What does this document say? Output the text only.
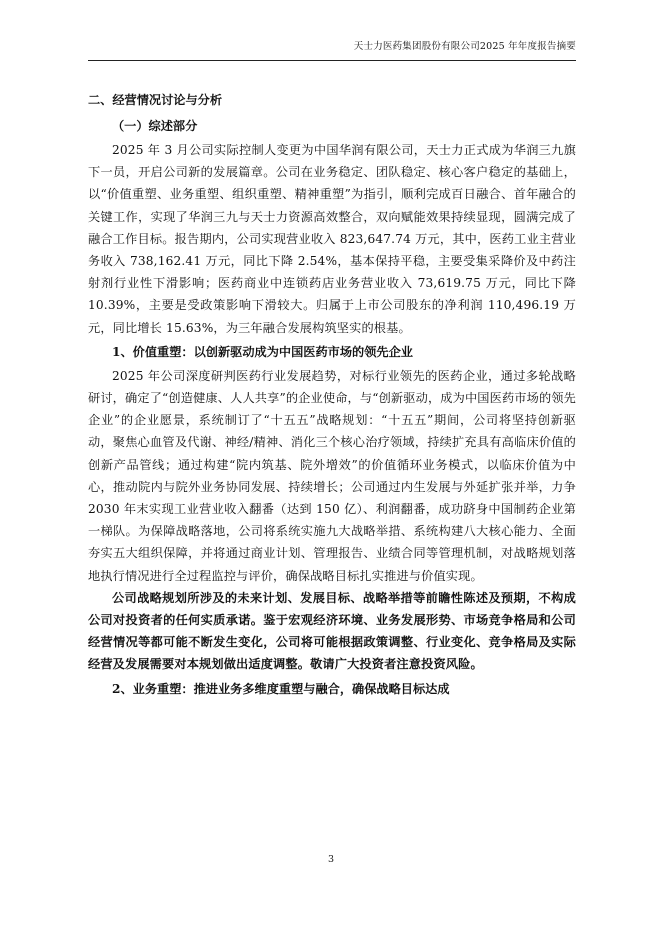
天士力医药集团股份有限公司2025 年年度报告摘要

二、经营情况讨论与分析

（一）综述部分

2025 年 3 月公司实际控制人变更为中国华润有限公司，天士力正式成为华润三九旗下一员，开启公司新的发展篇章。公司在业务稳定、团队稳定、核心客户稳定的基础上，以“价值重塑、业务重塑、组织重塑、精神重塑”为指引，顺利完成百日融合、首年融合的关键工作，实现了华润三九与天士力资源高效整合，双向赋能效果持续显现，圆满完成了融合工作目标。报告期内，公司实现营业收入 823,647.74 万元，其中，医药工业主营业务收入 738,162.41 万元，同比下降 2.54%，基本保持平稳，主要受集采降价及中药注射剂行业性下滑影响；医药商业中连锁药店业务营业收入 73,619.75 万元，同比下降 10.39%，主要是受政策影响下滑较大。归属于上市公司股东的净利润 110,496.19 万元，同比增长 15.63%，为三年融合发展构筑坚实的根基。

1、价值重塑：以创新驱动成为中国医药市场的领先企业

2025 年公司深度研判医药行业发展趋势，对标行业领先的医药企业，通过多轮战略研讨，确定了“创造健康、人人共享”的企业使命，与“创新驱动，成为中国医药市场的领先企业”的企业愿景，系统制订了“十五五”战略规划：“十五五”期间，公司将坚持创新驱动，聚焦心血管及代谢、神经/精神、消化三个核心治疗领域，持续扩充具有高临床价值的创新产品管线；通过构建“院内筑基、院外增效”的价值循环业务模式，以临床价值为中心，推动院内与院外业务协同发展、持续增长；公司通过内生发展与外延扩张并举，力争 2030 年末实现工业营业收入翻番（达到 150 亿）、利润翻番，成功跻身中国制药企业第一梯队。为保障战略落地，公司将系统实施九大战略举措、系统构建八大核心能力、全面夯实五大组织保障，并将通过商业计划、管理报告、业绩合同等管理机制，对战略规划落地执行情况进行全过程监控与评价，确保战略目标扎实推进与价值实现。

公司战略规划所涉及的未来计划、发展目标、战略举措等前瞻性陈述及预期，不构成公司对投资者的任何实质承诺。鉴于宏观经济环境、业务发展形势、市场竞争格局和公司经营情况等都可能不断发生变化，公司将可能根据政策调整、行业变化、竞争格局及实际经营及发展需要对本规划做出适度调整。敬请广大投资者注意投资风险。

2、业务重塑：推进业务多维度重塑与融合，确保战略目标达成

3
